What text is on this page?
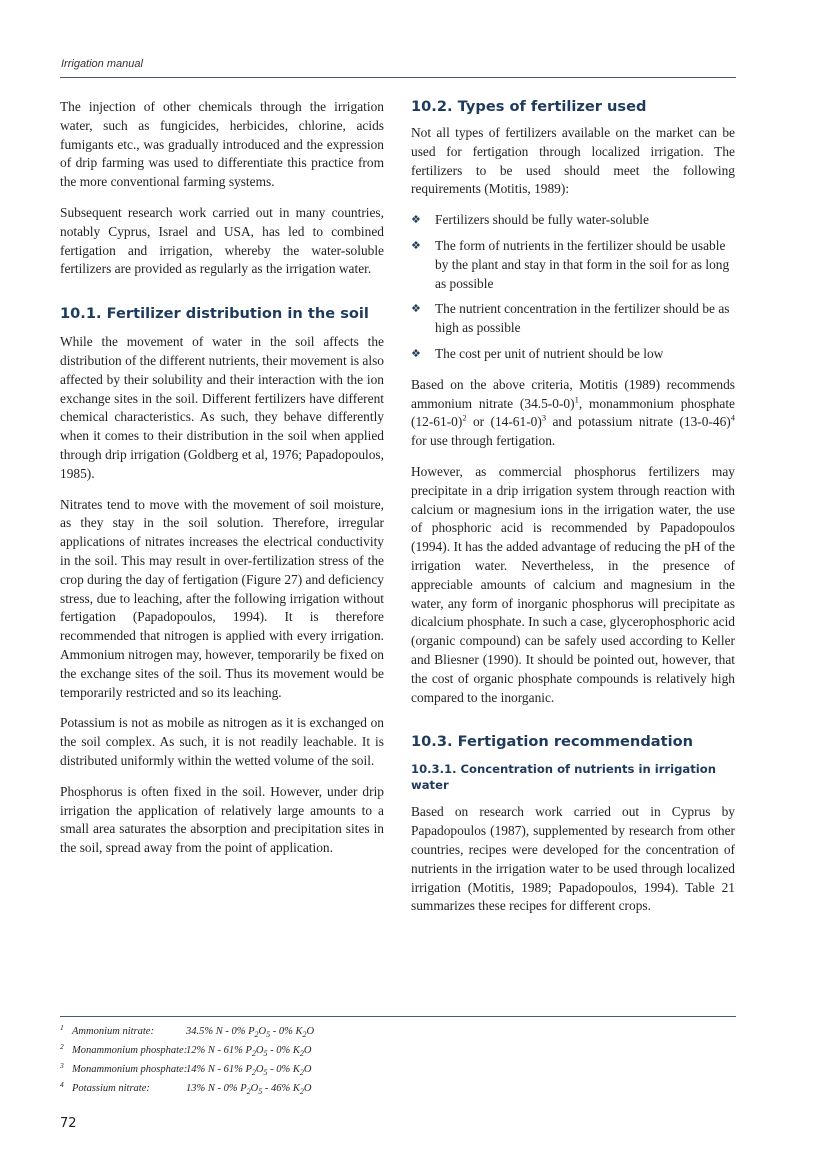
Irrigation manual

The injection of other chemicals through the irrigation water, such as fungicides, herbicides, chlorine, acids fumigants etc., was gradually introduced and the expression of drip farming was used to differentiate this practice from the more conventional farming systems.

Subsequent research work carried out in many countries, notably Cyprus, Israel and USA, has led to combined fertigation and irrigation, whereby the water-soluble fertilizers are provided as regularly as the irrigation water.

10.1. Fertilizer distribution in the soil

While the movement of water in the soil affects the distribution of the different nutrients, their movement is also affected by their solubility and their interaction with the ion exchange sites in the soil. Different fertilizers have different chemical characteristics. As such, they behave differently when it comes to their distribution in the soil when applied through drip irrigation (Goldberg et al, 1976; Papadopoulos, 1985).

Nitrates tend to move with the movement of soil moisture, as they stay in the soil solution. Therefore, irregular applications of nitrates increases the electrical conductivity in the soil. This may result in over-fertilization stress of the crop during the day of fertigation (Figure 27) and deficiency stress, due to leaching, after the following irrigation without fertigation (Papadopoulos, 1994). It is therefore recommended that nitrogen is applied with every irrigation. Ammonium nitrogen may, however, temporarily be fixed on the exchange sites of the soil. Thus its movement would be temporarily restricted and so its leaching.

Potassium is not as mobile as nitrogen as it is exchanged on the soil complex. As such, it is not readily leachable. It is distributed uniformly within the wetted volume of the soil.

Phosphorus is often fixed in the soil. However, under drip irrigation the application of relatively large amounts to a small area saturates the absorption and precipitation sites in the soil, spread away from the point of application.

10.2. Types of fertilizer used

Not all types of fertilizers available on the market can be used for fertigation through localized irrigation. The fertilizers to be used should meet the following requirements (Motitis, 1989):

❖ Fertilizers should be fully water-soluble
❖ The form of nutrients in the fertilizer should be usable by the plant and stay in that form in the soil for as long as possible
❖ The nutrient concentration in the fertilizer should be as high as possible
❖ The cost per unit of nutrient should be low

Based on the above criteria, Motitis (1989) recommends ammonium nitrate $(34.5-0-0)^1$, monammonium phosphate $(12-61-0)^2$ or $(14-61-0)^3$ and potassium nitrate $(13-0-46)^4$ for use through fertigation.

However, as commercial phosphorus fertilizers may precipitate in a drip irrigation system through reaction with calcium or magnesium ions in the irrigation water, the use of phosphoric acid is recommended by Papadopoulos (1994). It has the added advantage of reducing the pH of the irrigation water. Nevertheless, in the presence of appreciable amounts of calcium and magnesium in the water, any form of inorganic phosphorus will precipitate as dicalcium phosphate. In such a case, glycerophosphoric acid (organic compound) can be safely used according to Keller and Bliesner (1990). It should be pointed out, however, that the cost of organic phosphate compounds is relatively high compared to the inorganic.

10.3. Fertigation recommendation
10.3.1. Concentration of nutrients in irrigation water

Based on research work carried out in Cyprus by Papadopoulos (1987), supplemented by research from other countries, recipes were developed for the concentration of nutrients in the irrigation water to be used through localized irrigation (Motitis, 1989; Papadopoulos, 1994). Table 21 summarizes these recipes for different crops.

1 Ammonium nitrate:	34.5% N - 0% $P_2O_5 - 0\%$ $K_2O$
2 Monammonium phosphate:12% N - 61% $P_2O_5 - 0\%$ $K_2O$
3 Monammonium phosphate:14% N - 61% $P_2O_5 - 0\%$ $K_2O$
4 Potassium nitrate:	13% N - 0% $P_2O_5 - 46\%$ $K_2O$
72
